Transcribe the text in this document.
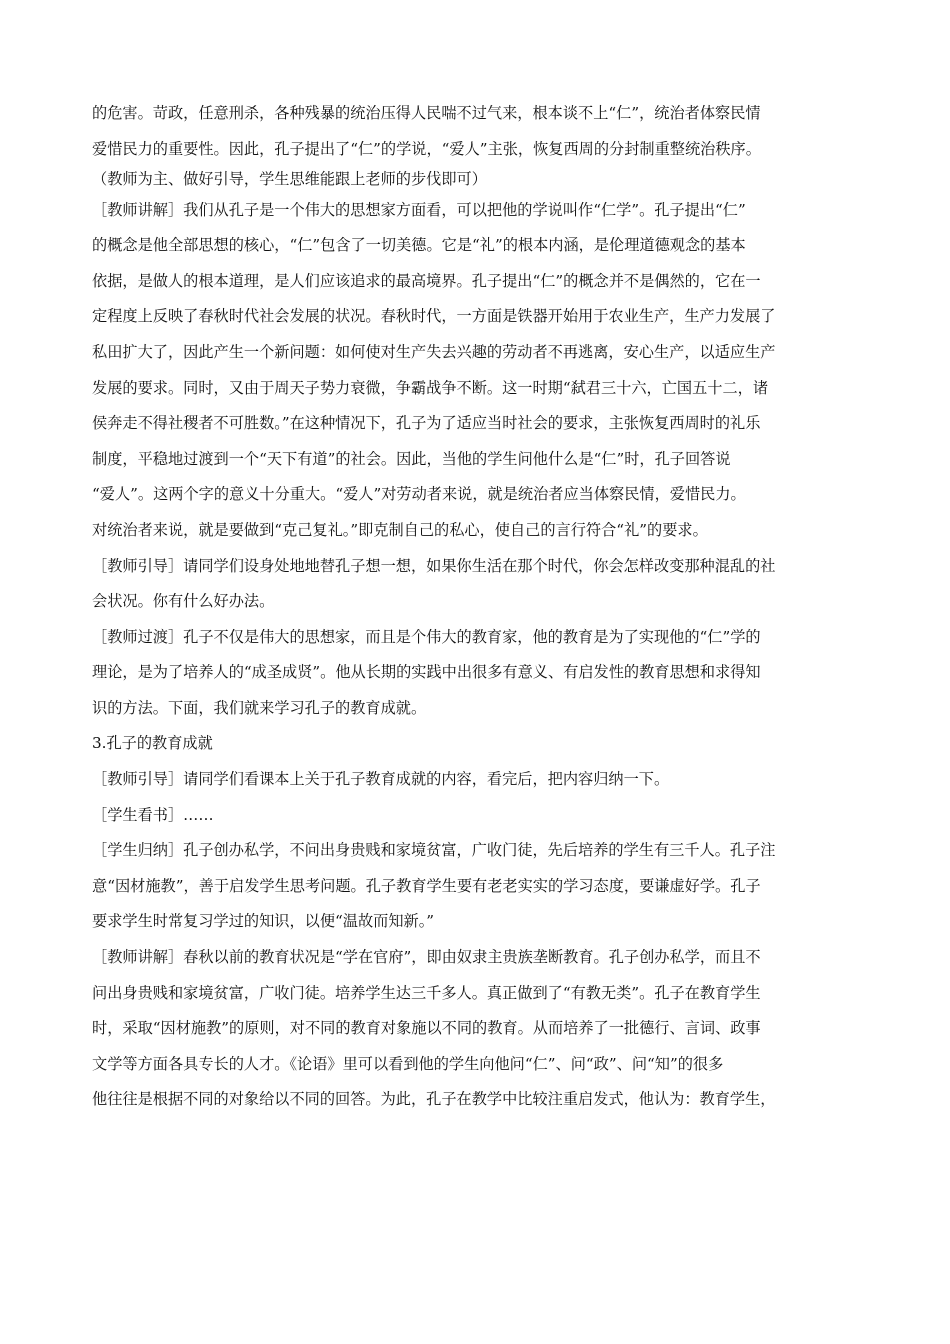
的危害。苛政，任意刑杀，各种残暴的统治压得人民喘不过气来，根本谈不上“仁”，统治者体察民情
爱惜民力的重要性。因此，孔子提出了“仁”的学说，“爱人”主张，恢复西周的分封制重整统治秩序。
（教师为主、做好引导，学生思维能跟上老师的步伐即可）
［教师讲解］我们从孔子是一个伟大的思想家方面看，可以把他的学说叫作“仁学”。孔子提出“仁”
的概念是他全部思想的核心，“仁”包含了一切美德。它是“礼”的根本内涵，是伦理道德观念的基本
依据，是做人的根本道理，是人们应该追求的最高境界。孔子提出“仁”的概念并不是偶然的，它在一
定程度上反映了春秋时代社会发展的状况。春秋时代，一方面是铁器开始用于农业生产，生产力发展了
私田扩大了，因此产生一个新问题：如何使对生产失去兴趣的劳动者不再逃离，安心生产，以适应生产
发展的要求。同时，又由于周天子势力衰微，争霸战争不断。这一时期“弑君三十六，亡国五十二，诸
侯奔走不得社稷者不可胜数。”在这种情况下，孔子为了适应当时社会的要求，主张恢复西周时的礼乐
制度，平稳地过渡到一个“天下有道”的社会。因此，当他的学生问他什么是“仁”时，孔子回答说
“爱人”。这两个字的意义十分重大。“爱人”对劳动者来说，就是统治者应当体察民情，爱惜民力。
对统治者来说，就是要做到“克己复礼。”即克制自己的私心，使自己的言行符合“礼”的要求。
［教师引导］请同学们设身处地地替孔子想一想，如果你生活在那个时代，你会怎样改变那种混乱的社
会状况。你有什么好办法。
［教师过渡］孔子不仅是伟大的思想家，而且是个伟大的教育家，他的教育是为了实现他的“仁”学的
理论，是为了培养人的“成圣成贤”。他从长期的实践中出很多有意义、有启发性的教育思想和求得知
识的方法。下面，我们就来学习孔子的教育成就。
3.孔子的教育成就
［教师引导］请同学们看课本上关于孔子教育成就的内容，看完后，把内容归纳一下。
［学生看书］……
［学生归纳］孔子创办私学，不问出身贵贱和家境贫富，广收门徒，先后培养的学生有三千人。孔子注
意“因材施教”，善于启发学生思考问题。孔子教育学生要有老老实实的学习态度，要谦虚好学。孔子
要求学生时常复习学过的知识，以便“温故而知新。”
［教师讲解］春秋以前的教育状况是“学在官府”，即由奴隶主贵族垄断教育。孔子创办私学，而且不
问出身贵贱和家境贫富，广收门徒。培养学生达三千多人。真正做到了“有教无类”。孔子在教育学生
时，采取“因材施教”的原则，对不同的教育对象施以不同的教育。从而培养了一批德行、言词、政事
文学等方面各具专长的人才。《论语》里可以看到他的学生向他问“仁”、问“政”、问“知”的很多
他往往是根据不同的对象给以不同的回答。为此，孔子在教学中比较注重启发式，他认为：教育学生，
